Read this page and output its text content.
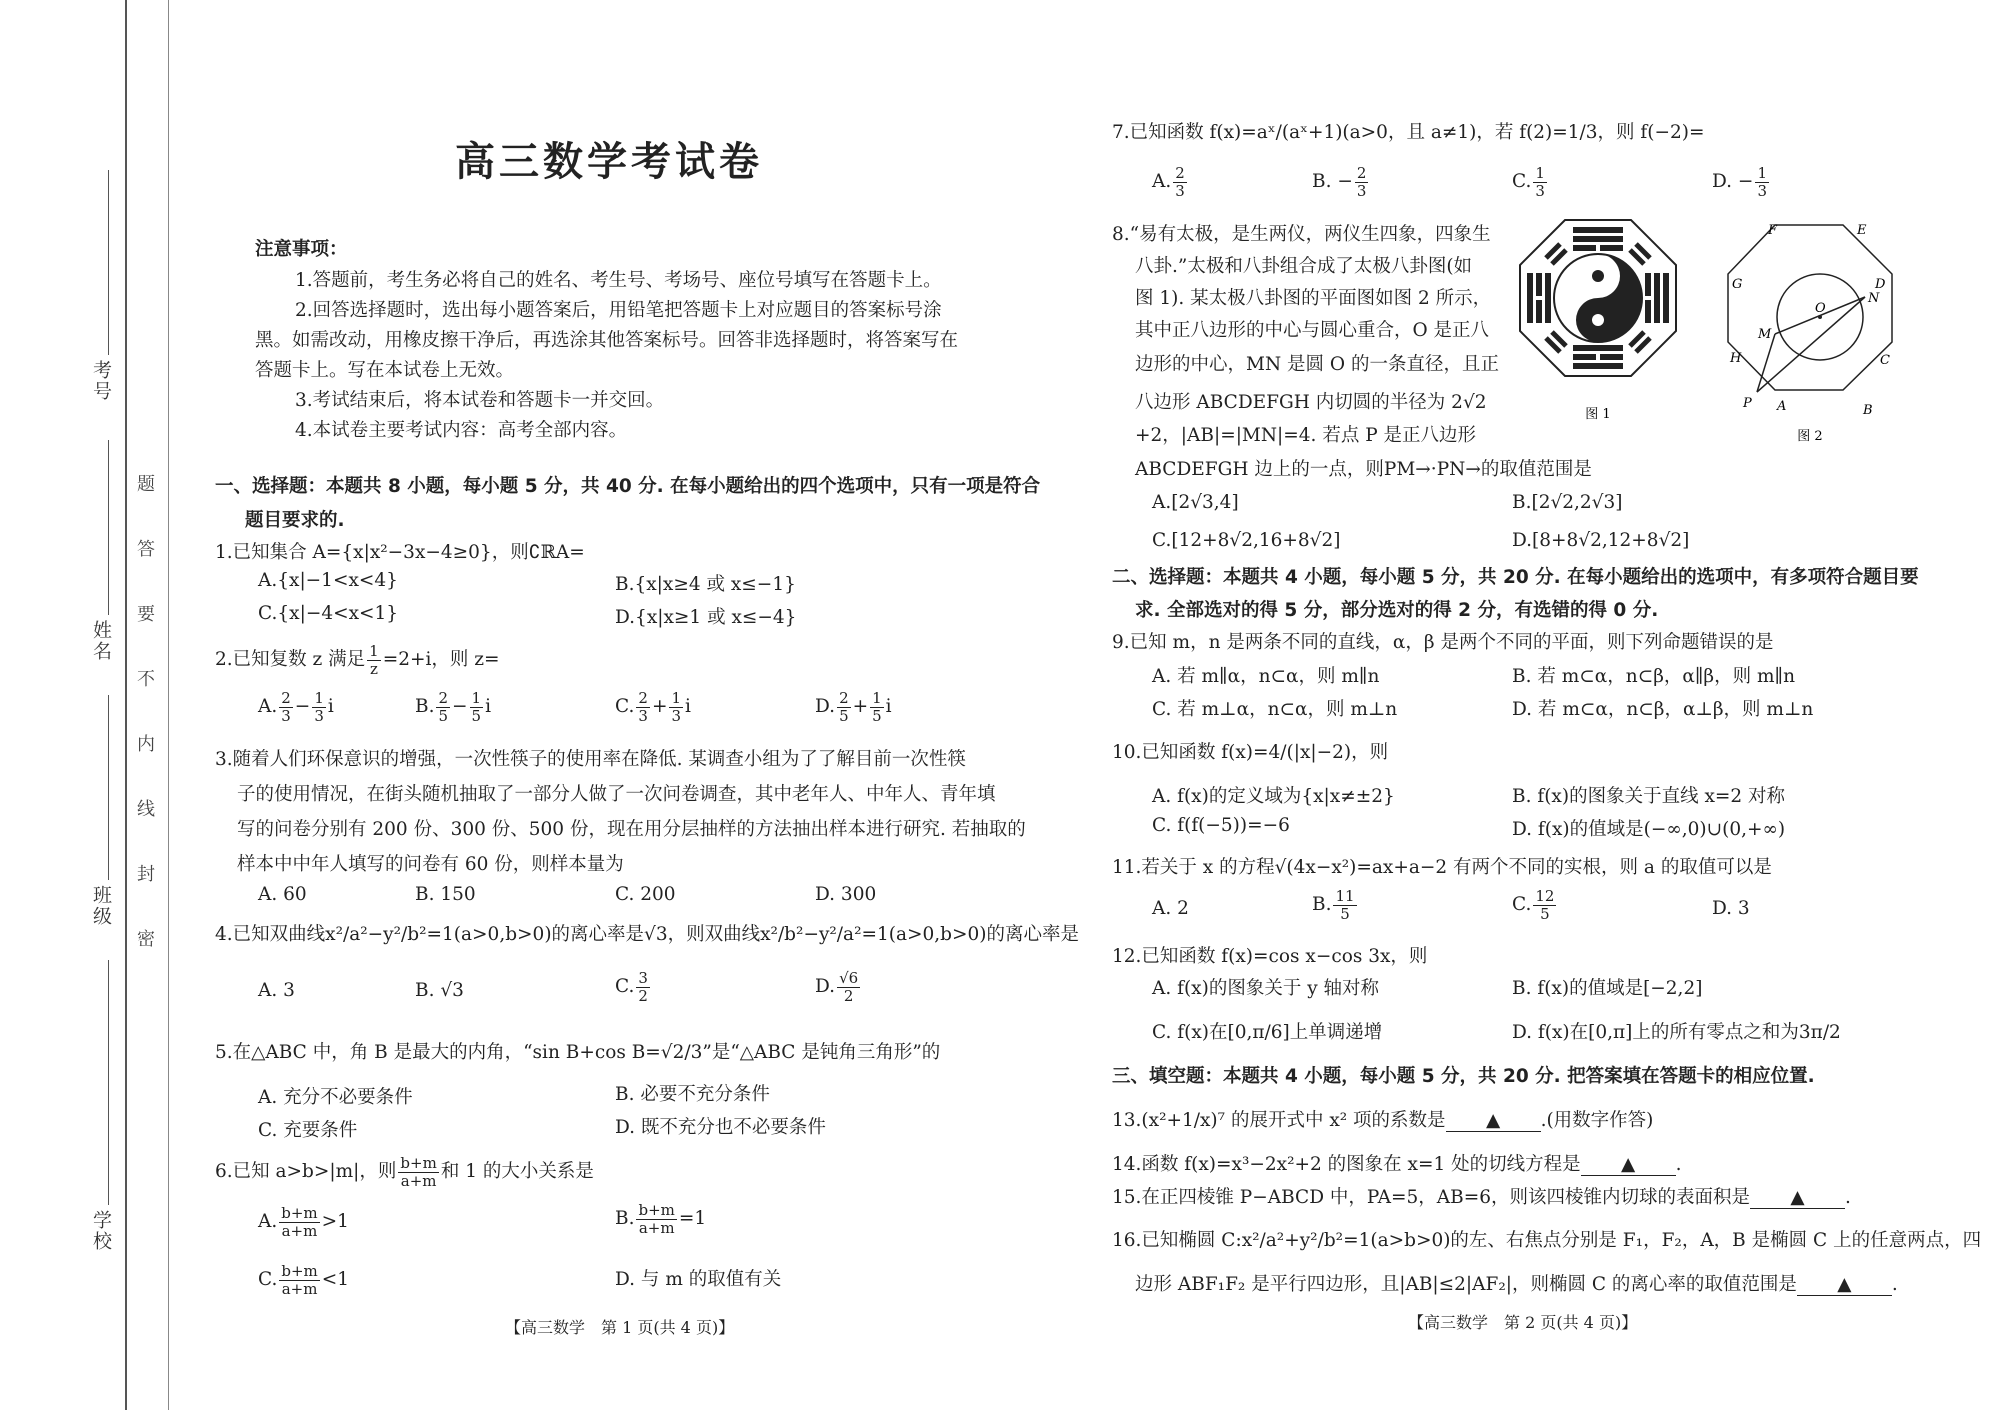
考号
姓名
班级
学校
密
封
线
内
不
要
答
题
高三数学考试卷
注意事项：
1.答题前，考生务必将自己的姓名、考生号、考场号、座位号填写在答题卡上。
2.回答选择题时，选出每小题答案后，用铅笔把答题卡上对应题目的答案标号涂
黑。如需改动，用橡皮擦干净后，再选涂其他答案标号。回答非选择题时，将答案写在
答题卡上。写在本试卷上无效。
3.考试结束后，将本试卷和答题卡一并交回。
4.本试卷主要考试内容：高考全部内容。
一、选择题：本题共 8 小题，每小题 5 分，共 40 分. 在每小题给出的四个选项中，只有一项是符合
题目要求的.
1.已知集合 A={x|x²−3x−4≥0}，则∁ℝA=
A.{x|−1<x<4}	B.{x|x≥4 或 x≤−1}
C.{x|−4<x<1}	D.{x|x≥1 或 x≤−4}
2.已知复数 z 满足 $\frac{1}{z} =2+i$，则 z=
A. $\frac{2}{3} - \frac{1}{3}$ i	B. $\frac{2}{5} - \frac{1}{5}$ i	C. $\frac{2}{3} + \frac{1}{3}$ i	D. $\frac{2}{5} + \frac{1}{5}$ i
3.随着人们环保意识的增强，一次性筷子的使用率在降低. 某调查小组为了了解目前一次性筷
子的使用情况，在街头随机抽取了一部分人做了一次问卷调查，其中老年人、中年人、青年填
写的问卷分别有 200 份、300 份、500 份，现在用分层抽样的方法抽出样本进行研究. 若抽取的
样本中中年人填写的问卷有 60 份，则样本量为
A. 60	B. 150	C. 200	D. 300
4.已知双曲线x²/a²−y²/b²=1(a>0,b>0)的离心率是√3，则双曲线x²/b²−y²/a²=1(a>0,b>0)的离心率是
A. 3	B. √3	C. $\frac{3}{2}$	D. $\frac{√6}{2}$
5.在△ABC 中，角 B 是最大的内角，“sin B+cos B=√2/3”是“△ABC 是钝角三角形”的
A. 充分不必要条件	B. 必要不充分条件
C. 充要条件	D. 既不充分也不必要条件
6.已知 a>b>|m|，则 $\frac{b+m}{a+m}$ 和 1 的大小关系是
A. $\frac{b+m}{a+m} >1$	B. $\frac{b+m}{a+m} =1$
C. $\frac{b+m}{a+m} <1$	D. 与 m 的取值有关
【高三数学　第 1 页(共 4 页)】
7.已知函数 f(x)=aˣ/(aˣ+1)(a>0，且 a≠1)，若 f(2)=1/3，则 f(−2)=
A. $\frac{2}{3}$	B. − $\frac{2}{3}$	C. $\frac{1}{3}$	D. − $\frac{1}{3}$
8.“易有太极，是生两仪，两仪生四象，四象生
八卦.”太极和八卦组合成了太极八卦图(如
图 1). 某太极八卦图的平面图如图 2 所示，
其中正八边形的中心与圆心重合，O 是正八
边形的中心，MN 是圆 O 的一条直径，且正
八边形 ABCDEFGH 内切圆的半径为 2√2
+2，|AB|=|MN|=4. 若点 P 是正八边形
ABCDEFGH 边上的一点，则PM→·PN→的取值范围是
图 1
F	E
D
C
B
A
P
H
G
M
O
N
图 2
A.[2√3,4]	B.[2√2,2√3]
C.[12+8√2,16+8√2]	D.[8+8√2,12+8√2]
二、选择题：本题共 4 小题，每小题 5 分，共 20 分. 在每小题给出的选项中，有多项符合题目要
求. 全部选对的得 5 分，部分选对的得 2 分，有选错的得 0 分.
9.已知 m，n 是两条不同的直线，α，β 是两个不同的平面，则下列命题错误的是
A. 若 m∥α，n⊂α，则 m∥n	B. 若 m⊂α，n⊂β，α∥β，则 m∥n
C. 若 m⊥α，n⊂α，则 m⊥n	D. 若 m⊂α，n⊂β，α⊥β，则 m⊥n
10.已知函数 f(x)=4/(|x|−2)，则
A. f(x)的定义域为{x|x≠±2}	B. f(x)的图象关于直线 x=2 对称
C. f(f(−5))=−6	D. f(x)的值域是(−∞,0)∪(0,+∞)
11.若关于 x 的方程√(4x−x²)=ax+a−2 有两个不同的实根，则 a 的取值可以是
A. 2	B. $\frac{11}{5}$	C. $\frac{12}{5}$	D. 3
12.已知函数 f(x)=cos x−cos 3x，则
A. f(x)的图象关于 y 轴对称	B. f(x)的值域是[−2,2]
C. f(x)在[0,π/6]上单调递增	D. f(x)在[0,π]上的所有零点之和为3π/2
三、填空题：本题共 4 小题，每小题 5 分，共 20 分. 把答案填在答题卡的相应位置.
13.(x²+1/x)⁷ 的展开式中 x² 项的系数是 ▲ .(用数字作答)
14.函数 f(x)=x³−2x²+2 的图象在 x=1 处的切线方程是 ▲ .
15.在正四棱锥 P−ABCD 中，PA=5，AB=6，则该四棱锥内切球的表面积是 ▲ .
16.已知椭圆 C:x²/a²+y²/b²=1(a>b>0)的左、右焦点分别是 F₁，F₂，A，B 是椭圆 C 上的任意两点，四
边形 ABF₁F₂ 是平行四边形，且|AB|≤2|AF₂|，则椭圆 C 的离心率的取值范围是 ▲ .
【高三数学　第 2 页(共 4 页)】
